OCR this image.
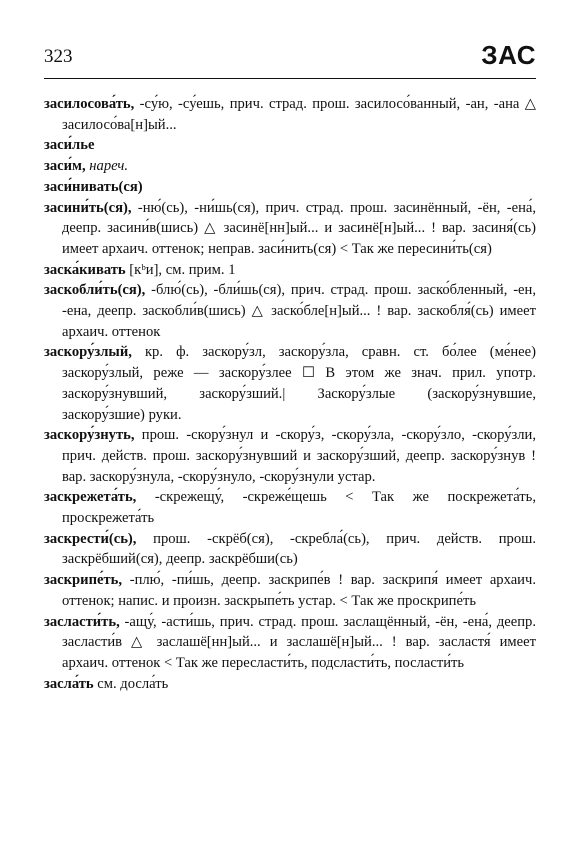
323	ЗАС

засилосова́ть, -су́ю, -су́ешь, прич. страд. прош. засилосо́ванный, -ан, -ана △ засилосо́ва[н]ый...

заси́лье

заси́м, нареч.

заси́нивать(ся)

засини́ть(ся), -ню́(сь), -ни́шь(ся), прич. страд. прош. засинённый, -ён, -ена́, деепр. засини́в(шись) △ засинё[нн]ый... и засинё[н]ый... ! вар. засиня́(сь) имеет архаич. оттенок; неправ. заси́нить(ся) < Так же пересини́ть(ся)

заска́кивать [кᵇи], см. прим. 1

заскобли́ть(ся), -блю́(сь), -бли́шь(ся), прич. страд. прош. заско́бленный, -ен, -ена, деепр. заскобли́в(шись) △ заско́бле[н]ый... ! вар. заскобля́(сь) имеет архаич. оттенок

заскору́злый, кр. ф. заскору́зл, заскору́зла, сравн. ст. бо́лее (ме́нее) заскору́злый, реже — заскору́злее ☐ В этом же знач. прил. употр. заскору́знувший, заскору́зший.| Заскору́злые (заскору́знувшие, заскору́зшие) руки.

заскору́знуть, прош. -скору́знул и -скору́з, -скору́зла, -скору́зло, -скору́зли, прич. действ. прош. заскору́знувший и заскору́зший, деепр. заскору́знув ! вар. заскору́знула, -скору́знуло, -скору́знули устар.

заскрежета́ть, -скрежещу́, -скреже́щешь < Так же поскрежета́ть, проскрежета́ть

заскрести́(сь), прош. -скрёб(ся), -скребла́(сь), прич. действ. прош. заскрёбший(ся), деепр. заскрёбши(сь)

заскрипе́ть, -плю́, -пи́шь, деепр. заскрипе́в ! вар. заскрипя́ имеет архаич. оттенок; напис. и произн. заскрыпе́ть устар. < Так же проскрипе́ть

засласти́ть, -ащу́, -асти́шь, прич. страд. прош. заслащённый, -ён, -ена́, деепр. засласти́в △ заслашё[нн]ый... и заслашё[н]ый... ! вар. засластя́ имеет архаич. оттенок < Так же пересласти́ть, подсласти́ть, посласти́ть

засла́ть см. досла́ть
